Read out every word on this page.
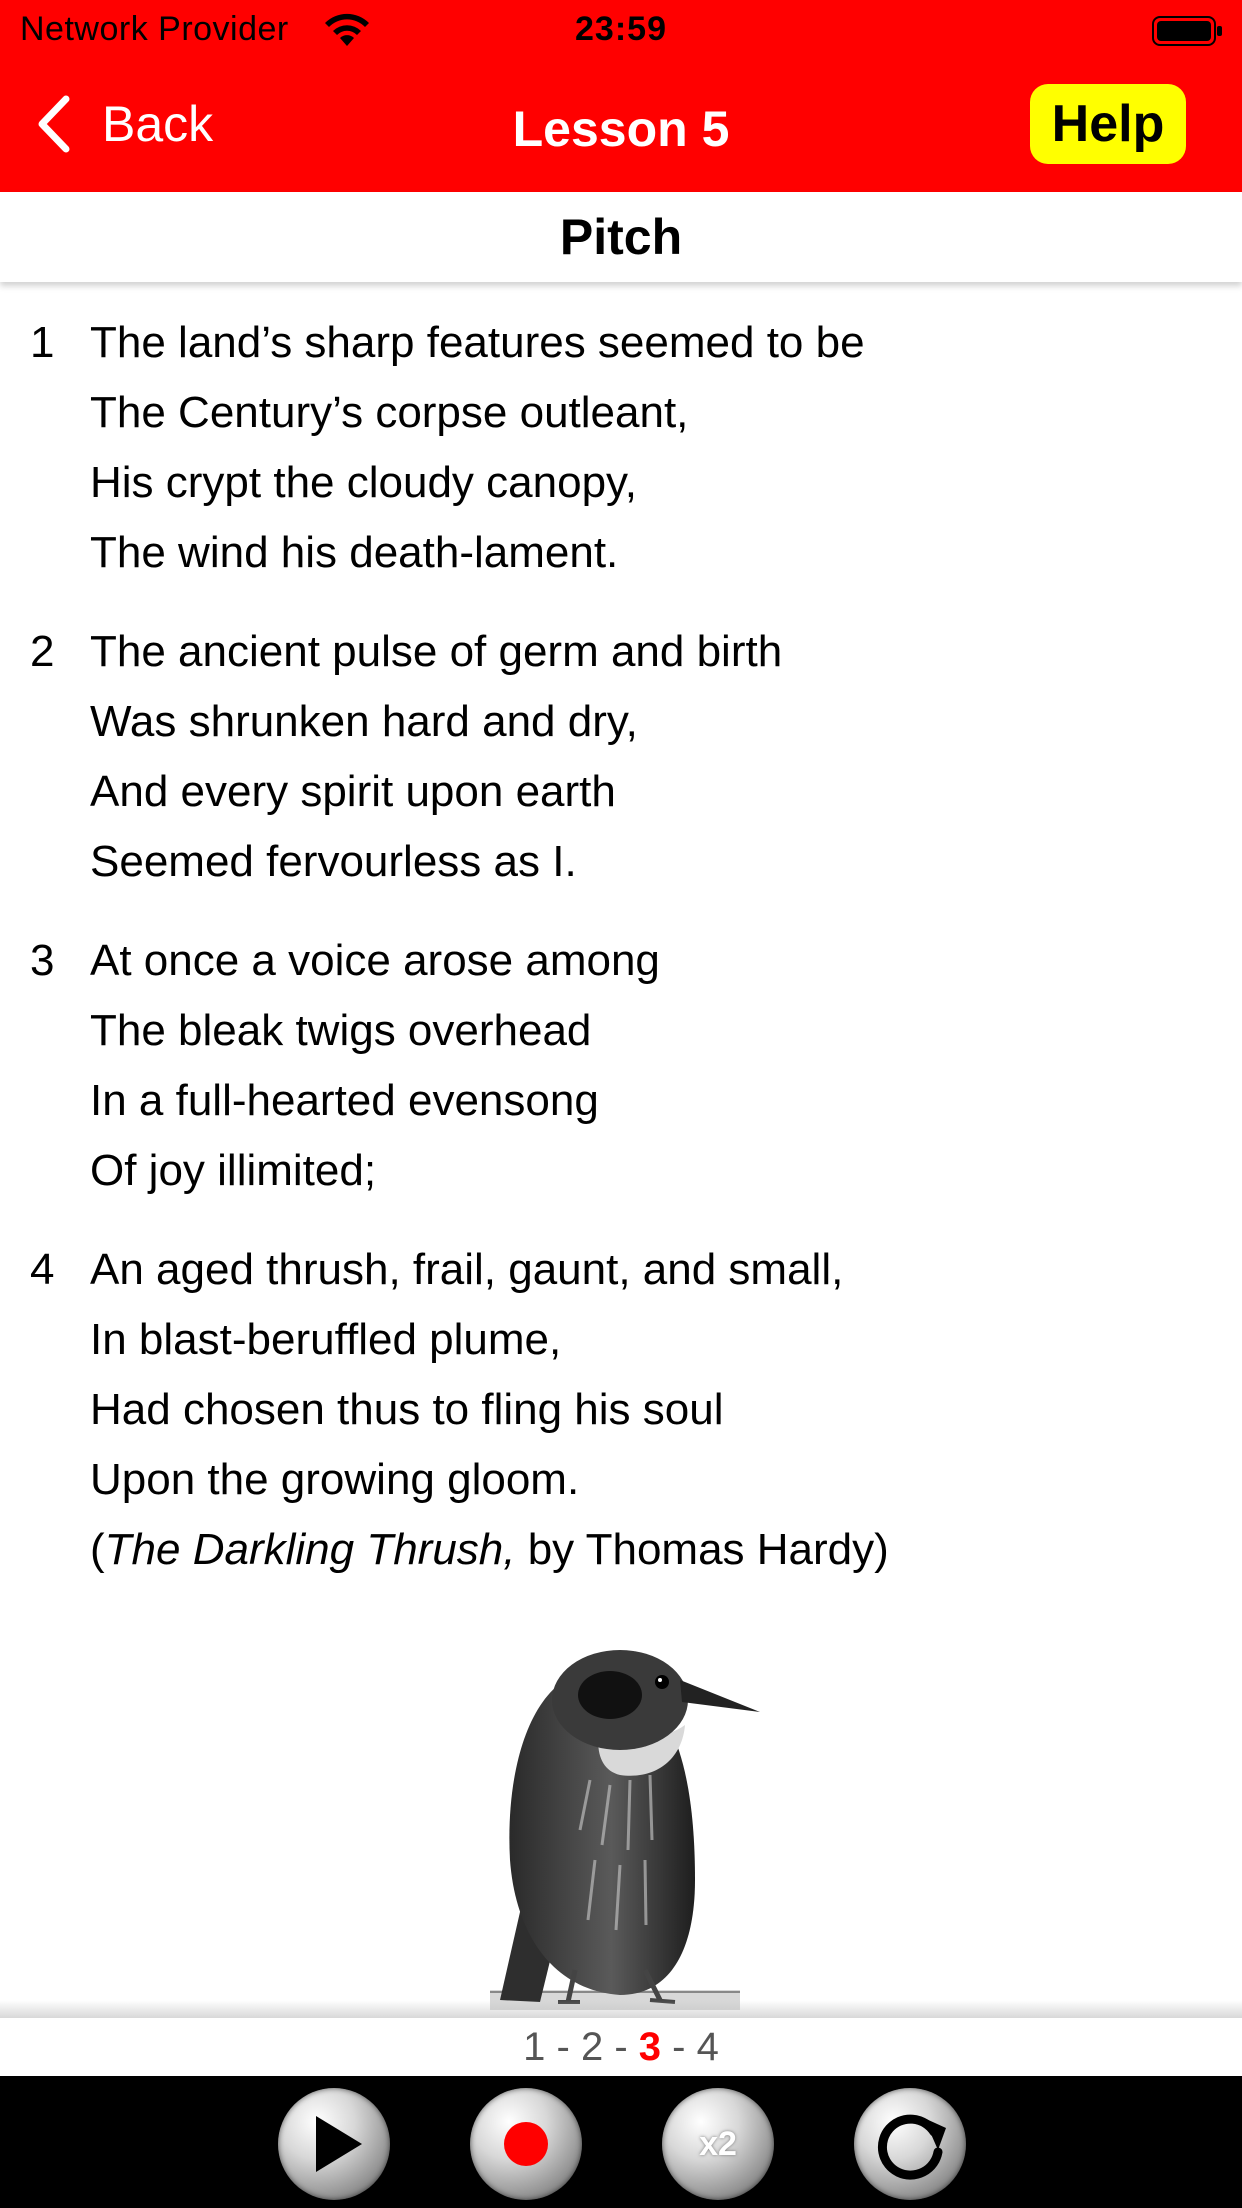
Network Provider	23:59
Back	Lesson 5	Help
Pitch
1 The land’s sharp features seemed to be
The Century’s corpse outleant,
His crypt the cloudy canopy,
The wind his death-lament.
2 The ancient pulse of germ and birth
Was shrunken hard and dry,
And every spirit upon earth
Seemed fervourless as I.
3 At once a voice arose among
The bleak twigs overhead
In a full-hearted evensong
Of joy illimited;
4 An aged thrush, frail, gaunt, and small,
In blast-beruffled plume,
Had chosen thus to fling his soul
Upon the growing gloom.
(The Darkling Thrush, by Thomas Hardy)
1 - 2 - 3 - 4
x2
